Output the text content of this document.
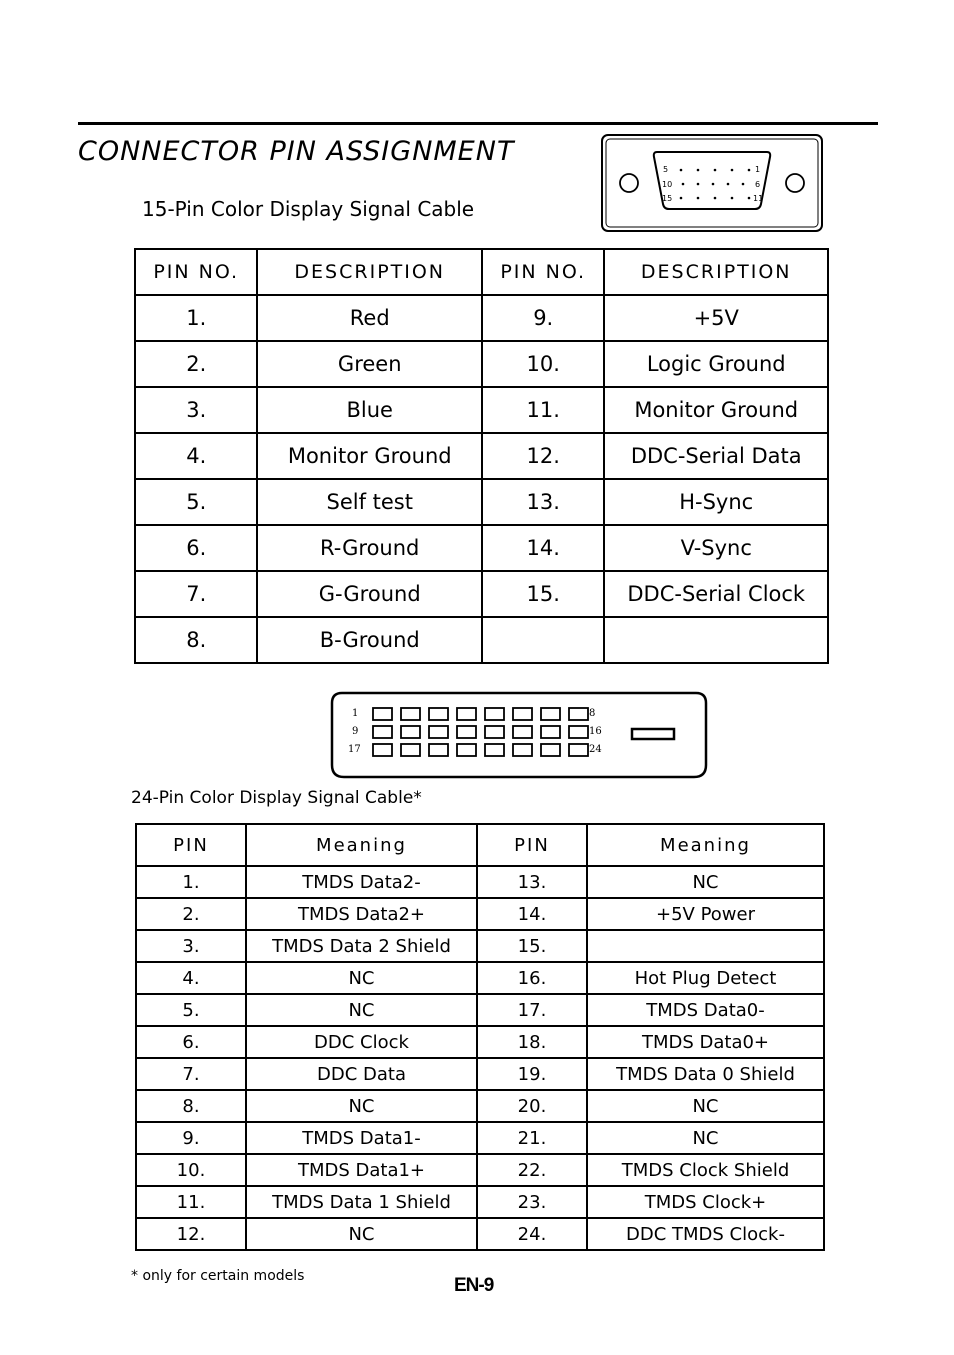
CONNECTOR PIN ASSIGNMENT
5	1
10	6
15	11
15-Pin Color Display Signal Cable
PIN NO.	DESCRIPTION	PIN NO.	DESCRIPTION
1.	Red	9.	+5V
2.	Green	10.	Logic Ground
3.	Blue	11.	Monitor Ground
4.	Monitor Ground	12.	DDC-Serial Data
5.	Self test	13.	H-Sync
6.	R-Ground	14.	V-Sync
7.	G-Ground	15.	DDC-Serial Clock
8.	B-Ground		
1	8
9	16
17	24
24-Pin Color Display Signal Cable*
PIN	Meaning	PIN	Meaning
1.	TMDS Data2-	13.	NC
2.	TMDS Data2+	14.	+5V Power
3.	TMDS Data 2 Shield	15.	
4.	NC	16.	Hot Plug Detect
5.	NC	17.	TMDS Data0-
6.	DDC Clock	18.	TMDS Data0+
7.	DDC Data	19.	TMDS Data 0 Shield
8.	NC	20.	NC
9.	TMDS Data1-	21.	NC
10.	TMDS Data1+	22.	TMDS Clock Shield
11.	TMDS Data 1 Shield	23.	TMDS Clock+
12.	NC	24.	DDC TMDS Clock-
* only for certain models	EN-9
